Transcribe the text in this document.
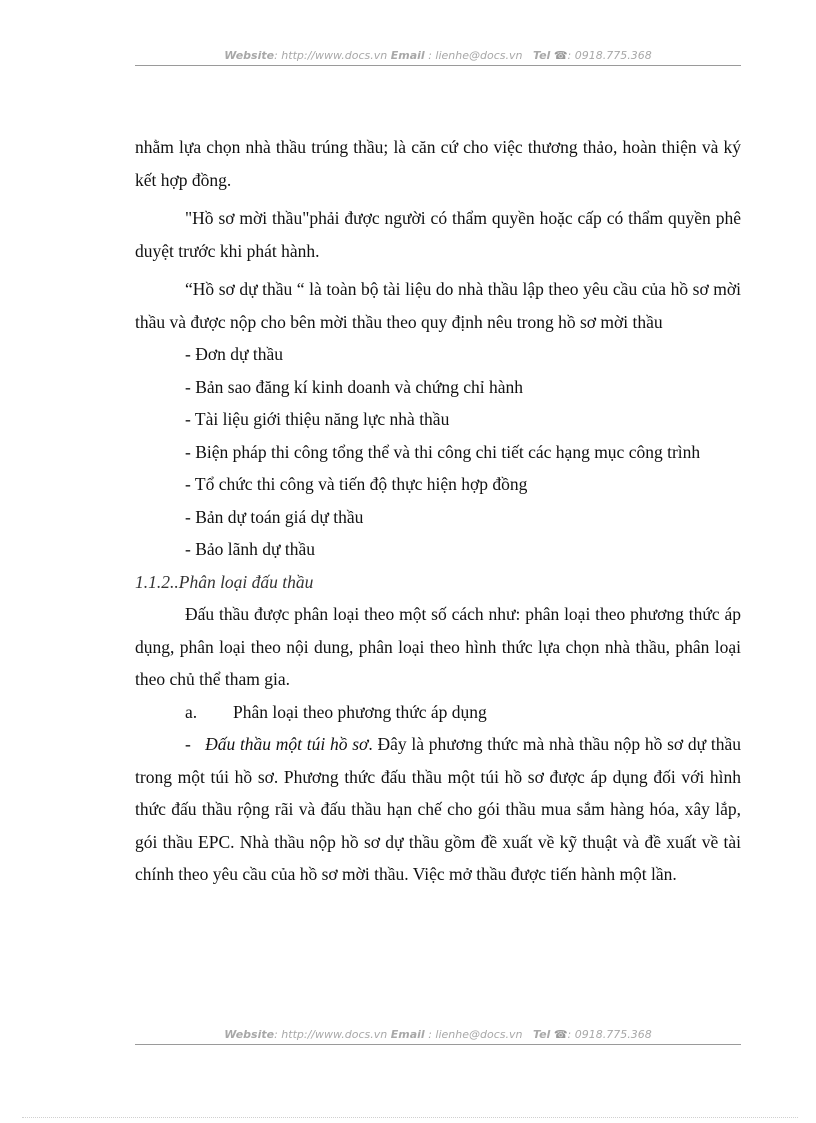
Website: http://www.docs.vn Email : lienhe@docs.vn Tel ☎: 0918.775.368

nhằm lựa chọn nhà thầu trúng thầu; là căn cứ cho việc thương thảo, hoàn thiện và ký kết hợp đồng.

"Hồ sơ mời thầu"phải được người có thẩm quyền hoặc cấp có thẩm quyền phê duyệt trước khi phát hành.

“Hồ sơ dự thầu “ là toàn bộ tài liệu do nhà thầu lập theo yêu cầu của hồ sơ mời thầu và được nộp cho bên mời thầu theo quy định nêu trong hồ sơ mời thầu

- Đơn dự thầu

- Bản sao đăng kí kinh doanh và chứng chỉ hành

- Tài liệu giới thiệu năng lực nhà thầu

- Biện pháp thi công tổng thể và thi công chi tiết các hạng mục công trình

- Tổ chức thi công và tiến độ thực hiện hợp đồng

- Bản dự toán giá dự thầu

- Bảo lãnh dự thầu

1.1.2..Phân loại đấu thầu

Đấu thầu được phân loại theo một số cách như: phân loại theo phương thức áp dụng, phân loại theo nội dung, phân loại theo hình thức lựa chọn nhà thầu, phân loại theo chủ thể tham gia.

a. Phân loại theo phương thức áp dụng

-   Đấu thầu một túi hồ sơ. Đây là phương thức mà nhà thầu nộp hồ sơ dự thầu trong một túi hồ sơ. Phương thức đấu thầu một túi hồ sơ được áp dụng đối với hình thức đấu thầu rộng rãi và đấu thầu hạn chế cho gói thầu mua sắm hàng hóa, xây lắp, gói thầu EPC. Nhà thầu nộp hồ sơ dự thầu gồm đề xuất về kỹ thuật và đề xuất về tài chính theo yêu cầu của hồ sơ mời thầu. Việc mở thầu được tiến hành một lần.

Website: http://www.docs.vn Email : lienhe@docs.vn Tel ☎: 0918.775.368
